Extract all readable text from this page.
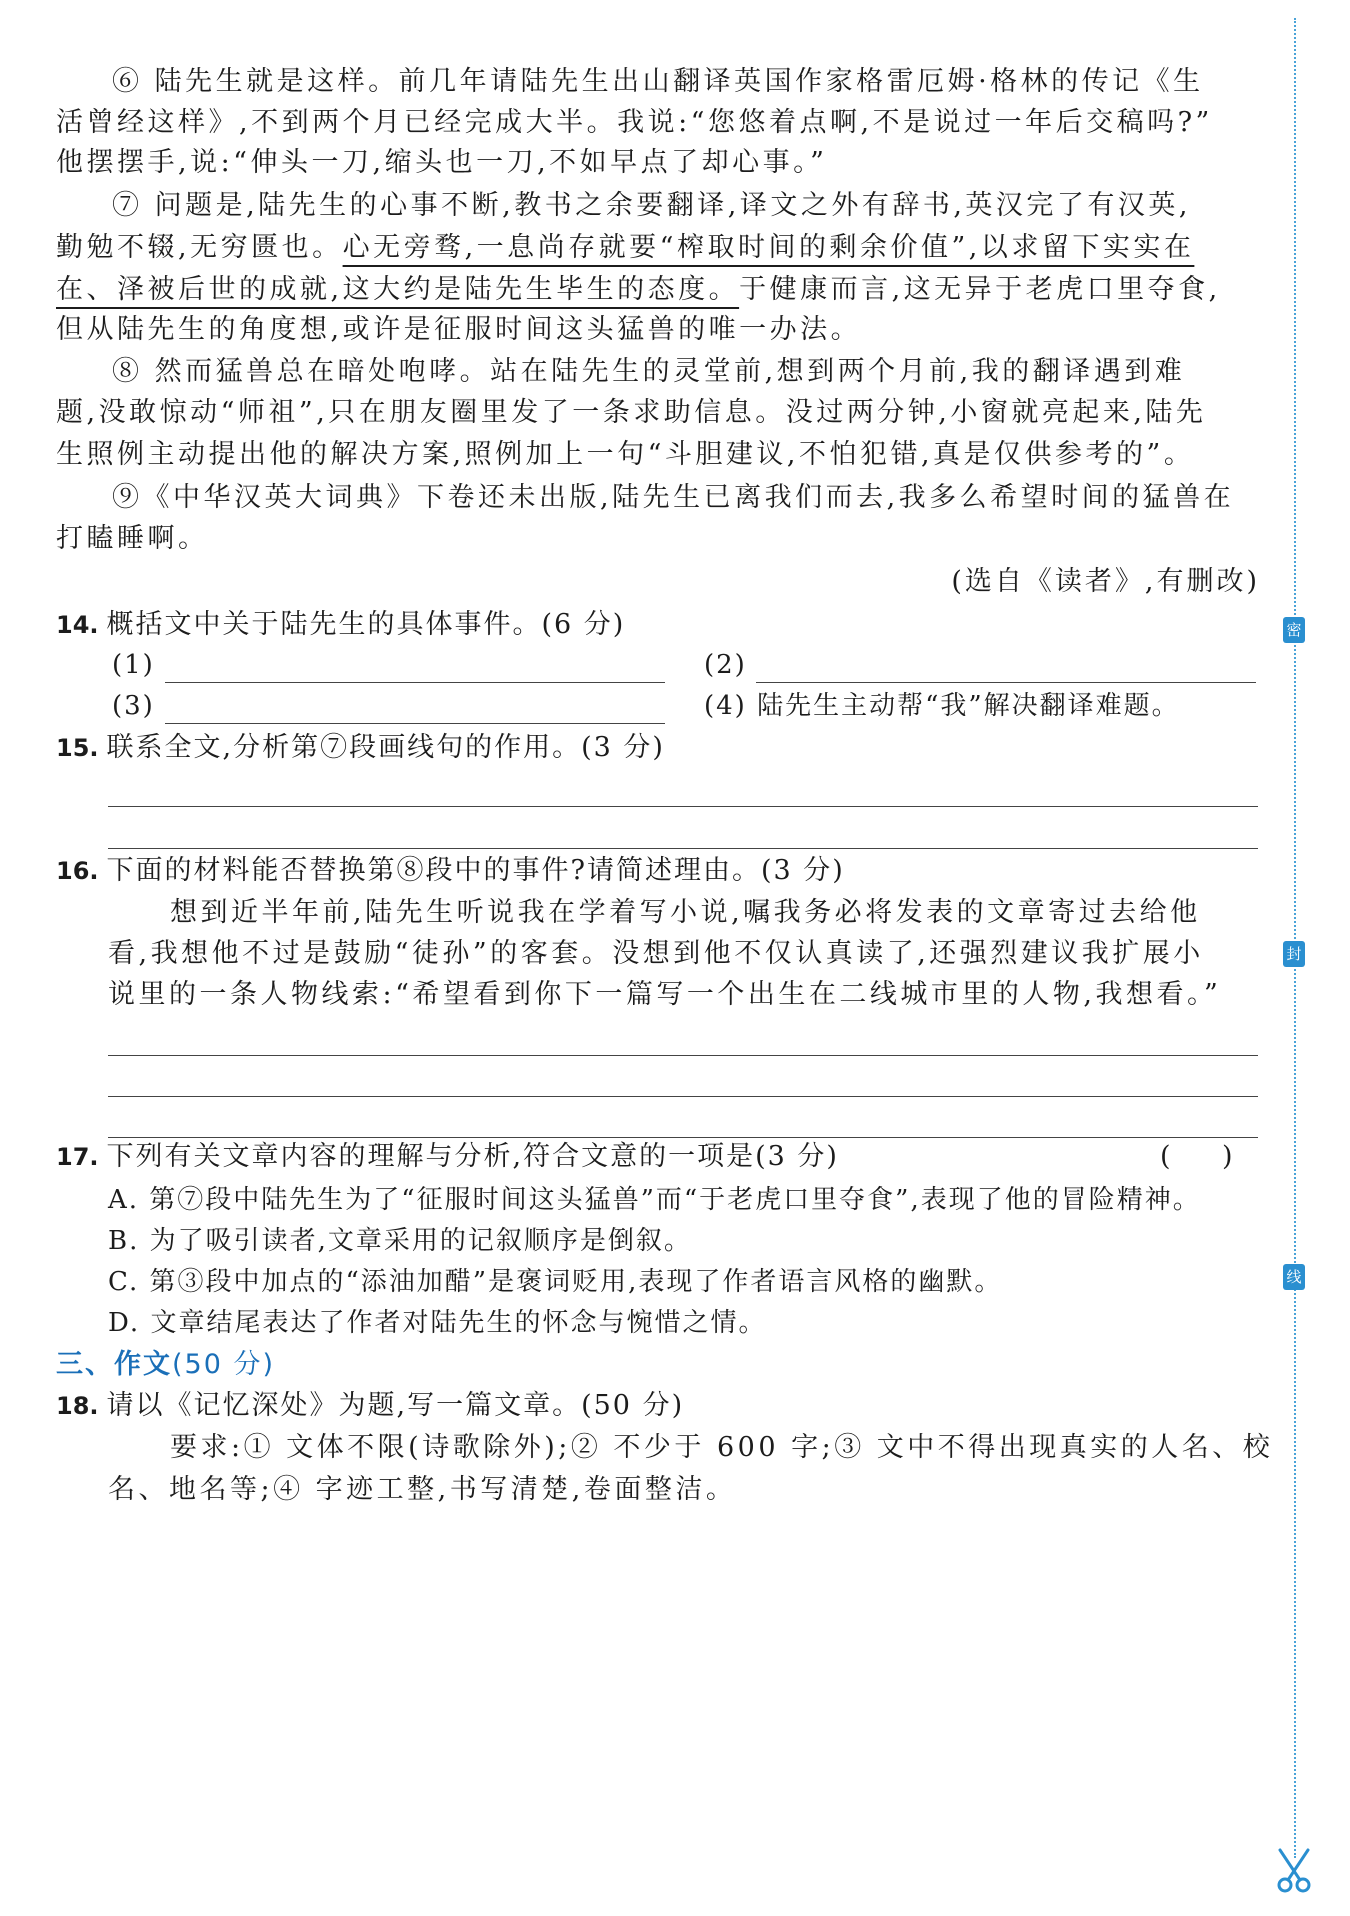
⑥ 陆先生就是这样。前几年请陆先生出山翻译英国作家格雷厄姆·格林的传记《生
活曾经这样》,不到两个月已经完成大半。我说:“您悠着点啊,不是说过一年后交稿吗?”
他摆摆手,说:“伸头一刀,缩头也一刀,不如早点了却心事。”
⑦ 问题是,陆先生的心事不断,教书之余要翻译,译文之外有辞书,英汉完了有汉英,
勤勉不辍,无穷匮也。心无旁骛,一息尚存就要“榨取时间的剩余价值”,以求留下实实在
在、泽被后世的成就,这大约是陆先生毕生的态度。于健康而言,这无异于老虎口里夺食,
但从陆先生的角度想,或许是征服时间这头猛兽的唯一办法。
⑧ 然而猛兽总在暗处咆哮。站在陆先生的灵堂前,想到两个月前,我的翻译遇到难
题,没敢惊动“师祖”,只在朋友圈里发了一条求助信息。没过两分钟,小窗就亮起来,陆先
生照例主动提出他的解决方案,照例加上一句“斗胆建议,不怕犯错,真是仅供参考的”。
⑨《中华汉英大词典》下卷还未出版,陆先生已离我们而去,我多么希望时间的猛兽在
打瞌睡啊。
(选自《读者》,有删改)
14. 概括文中关于陆先生的具体事件。(6 分)
(1)	(2)
(3)	(4) 陆先生主动帮“我”解决翻译难题。
15. 联系全文,分析第⑦段画线句的作用。(3 分)
16. 下面的材料能否替换第⑧段中的事件?请简述理由。(3 分)
想到近半年前,陆先生听说我在学着写小说,嘱我务必将发表的文章寄过去给他
看,我想他不过是鼓励“徒孙”的客套。没想到他不仅认真读了,还强烈建议我扩展小
说里的一条人物线索:“希望看到你下一篇写一个出生在二线城市里的人物,我想看。”
17. 下列有关文章内容的理解与分析,符合文意的一项是(3 分)	(      )
A. 第⑦段中陆先生为了“征服时间这头猛兽”而“于老虎口里夺食”,表现了他的冒险精神。
B. 为了吸引读者,文章采用的记叙顺序是倒叙。
C. 第③段中加点的“添油加醋”是褒词贬用,表现了作者语言风格的幽默。
D. 文章结尾表达了作者对陆先生的怀念与惋惜之情。
三、作文(50 分)
18. 请以《记忆深处》为题,写一篇文章。(50 分)
要求:① 文体不限(诗歌除外);② 不少于 600 字;③ 文中不得出现真实的人名、校
名、地名等;④ 字迹工整,书写清楚,卷面整洁。
密
封
线
